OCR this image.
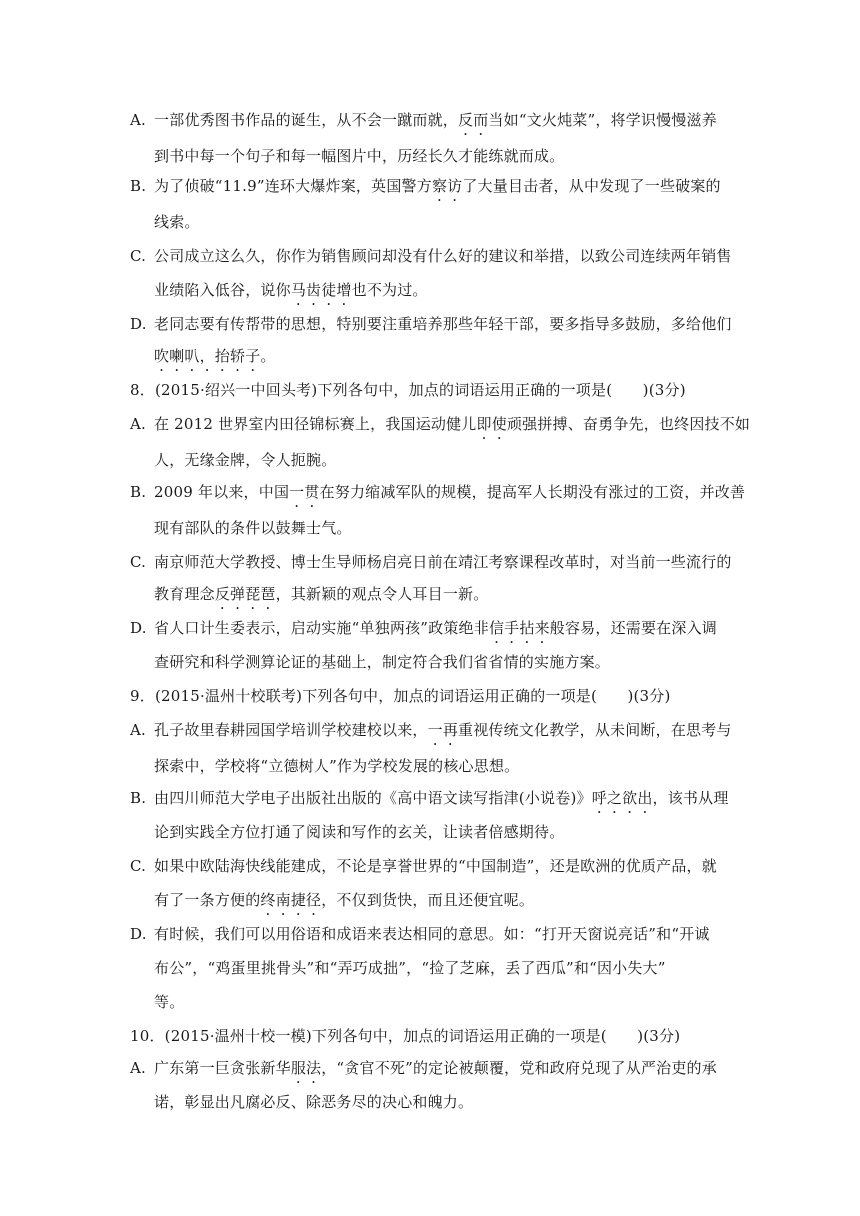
A. 一部优秀图书作品的诞生，从不会一蹴而就，反而当如“文火炖菜”，将学识慢慢滋养
到书中每一个句子和每一幅图片中，历经长久才能练就而成。
B. 为了侦破“11.9”连环大爆炸案，英国警方察访了大量目击者，从中发现了一些破案的
线索。
C. 公司成立这么久，你作为销售顾问却没有什么好的建议和举措，以致公司连续两年销售
业绩陷入低谷，说你马齿徒增也不为过。
D. 老同志要有传帮带的思想，特别要注重培养那些年轻干部，要多指导多鼓励，多给他们
吹喇叭， ·抬轿子。
8．(2015·绍兴一中回头考)下列各句中，加点的词语运用正确的一项是(　　)(3分)
A. 在 2012 世界室内田径锦标赛上，我国运动健儿即使顽强拼搏、奋勇争先，也终因技不如
人，无缘金牌，令人扼腕。
B. 2009 年以来，中国一贯在努力缩减军队的规模，提高军人长期没有涨过的工资，并改善
现有部队的条件以鼓舞士气。
C. 南京师范大学教授、博士生导师杨启亮日前在靖江考察课程改革时，对当前一些流行的
教育理念反弹琵琶，其新颖的观点令人耳目一新。
D. 省人口计生委表示，启动实施“单独两孩”政策绝非信手拈来般容易，还需要在深入调
查研究和科学测算论证的基础上，制定符合我们省省情的实施方案。
9．(2015·温州十校联考)下列各句中，加点的词语运用正确的一项是(　　)(3分)
A. 孔子故里春耕园国学培训学校建校以来，一再重视传统文化教学，从未间断，在思考与
探索中，学校将“立德树人”作为学校发展的核心思想。
B. 由四川师范大学电子出版社出版的《高中语文读写指津(小说卷)》呼之欲出，该书从理
论到实践全方位打通了阅读和写作的玄关，让读者倍感期待。
C. 如果中欧陆海快线能建成，不论是享誉世界的“中国制造”，还是欧洲的优质产品，就
有了一条方便的终南捷径，不仅到货快，而且还便宜呢。
D. 有时候，我们可以用俗语和成语来表达相同的意思。如：“打开天窗说亮话”和“开诚
布公”，“鸡蛋里挑骨头”和“弄巧成拙”，“捡了芝麻，丢了西瓜”和“因小失大”
等。
10．(2015·温州十校一模)下列各句中，加点的词语运用正确的一项是(　　)(3分)
A. 广东第一巨贪张新华服法，“贪官不死”的定论被颠覆，党和政府兑现了从严治吏的承
诺，彰显出凡腐必反、除恶务尽的决心和魄力。
